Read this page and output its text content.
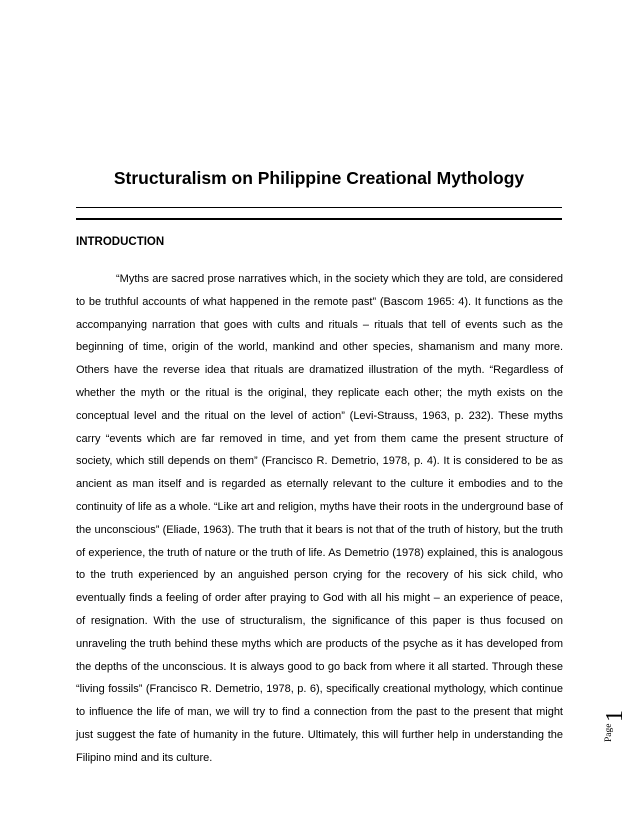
Structuralism on Philippine Creational Mythology
INTRODUCTION

“Myths are sacred prose narratives which, in the society which they are told, are considered to be truthful accounts of what happened in the remote past” (Bascom 1965: 4). It functions as the accompanying narration that goes with cults and rituals – rituals that tell of events such as the beginning of time, origin of the world, mankind and other species, shamanism and many more. Others have the reverse idea that rituals are dramatized illustration of the myth. “Regardless of whether the myth or the ritual is the original, they replicate each other; the myth exists on the conceptual level and the ritual on the level of action” (Levi-Strauss, 1963, p. 232). These myths carry “events which are far removed in time, and yet from them came the present structure of society, which still depends on them” (Francisco R. Demetrio, 1978, p. 4). It is considered to be as ancient as man itself and is regarded as eternally relevant to the culture it embodies and to the continuity of life as a whole. “Like art and religion, myths have their roots in the underground base of the unconscious” (Eliade, 1963). The truth that it bears is not that of the truth of history, but the truth of experience, the truth of nature or the truth of life. As Demetrio (1978) explained, this is analogous to the truth experienced by an anguished person crying for the recovery of his sick child, who eventually finds a feeling of order after praying to God with all his might – an experience of peace, of resignation. With the use of structuralism, the significance of this paper is thus focused on unraveling the truth behind these myths which are products of the psyche as it has developed from the depths of the unconscious. It is always good to go back from where it all started. Through these “living fossils” (Francisco R. Demetrio, 1978, p. 6), specifically creational mythology, which continue to influence the life of man, we will try to find a connection from the past to the present that might just suggest the fate of humanity in the future. Ultimately, this will further help in understanding the Filipino mind and its culture.

Page
1
